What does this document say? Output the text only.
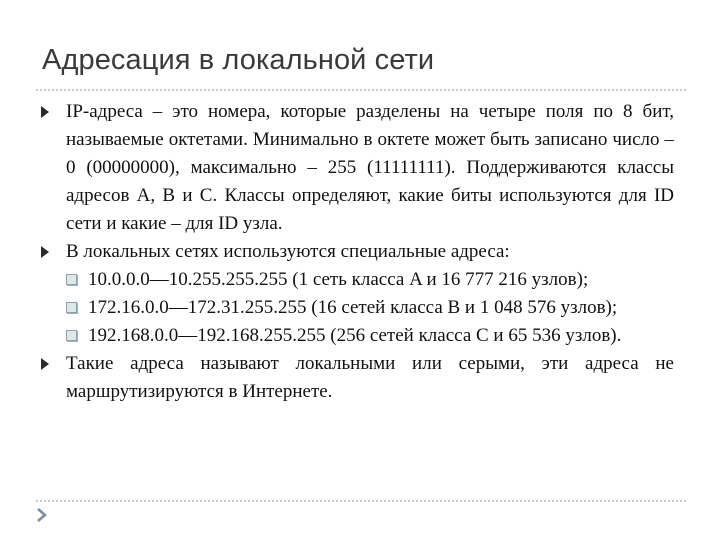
Адресация в локальной сети
IP-адреса – это номера, которые разделены на четыре поля по 8 бит, называемые октетами. Минимально в октете может быть записано число – 0 (00000000), максимально – 255 (11111111). Поддерживаются классы адресов А, В и С. Классы определяют, какие биты используются для ID сети и какие – для ID узла.
В локальных сетях используются специальные адреса:
10.0.0.0—10.255.255.255 (1 сеть класса A и 16 777 216 узлов);
172.16.0.0—172.31.255.255 (16 сетей класса B и 1 048 576 узлов);
192.168.0.0—192.168.255.255 (256 сетей класса C и 65 536 узлов).
Такие адреса называют локальными или серыми, эти адреса не маршрутизируются в Интернете.
